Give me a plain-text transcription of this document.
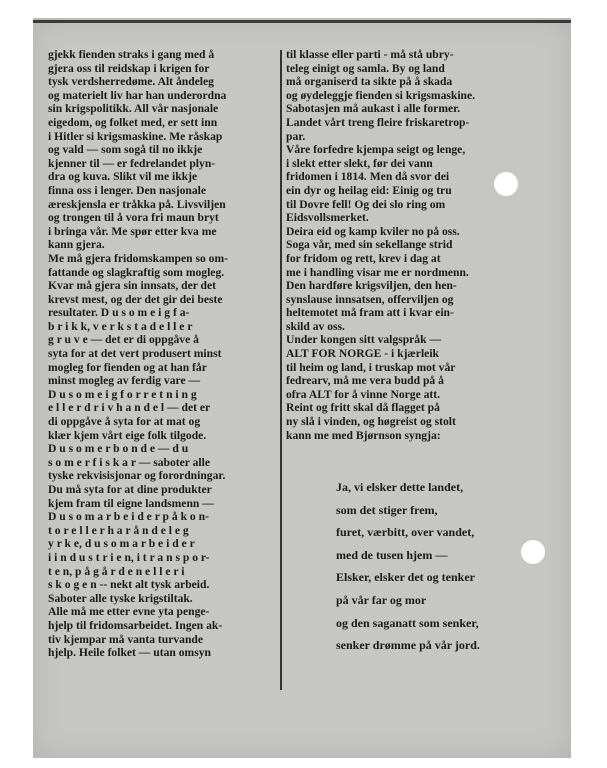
gjekk fienden straks i gang med å
gjera oss til reidskap i krigen for
tysk verdsherredøme. Alt åndeleg
og materielt liv har han underordna
sin krigspolitikk. All vår nasjonale
eigedom, og folket med, er sett inn
i Hitler si krigsmaskine. Me råskap
og vald — som sogå til no ikkje
kjenner til — er fedrelandet plyn-
dra og kuva. Slikt vil me ikkje
finna oss i lenger. Den nasjonale
æreskjensla er tråkka på. Livsviljen
og trongen til å vora fri maun bryt
i bringa vår. Me spør etter kva me
kann gjera.
Me må gjera fridomskampen so om-
fattande og slagkraftig som mogleg.
Kvar må gjera sin innsats, der det
krevst mest, og der det gir dei beste
resultater. D u s o m e i g f a-
b r i k k, v e r k s t a d e l l e r
g r u v e — det er di oppgåve å
syta for at det vert produsert minst
mogleg for fienden og at han får
minst mogleg av ferdig vare —
D u s o m e i g f o r r e t n i n g
e l l e r d r i v h a n d e l — det er
di oppgåve å syta for at mat og
klær kjem vårt eige folk tilgode.
D u s o m e r b o n d e — d u
s o m e r f i s k a r — saboter alle
tyske rekvisisjonar og forordningar.
Du må syta for at dine produkter
kjem fram til eigne landsmenn —
D u s o m a r b e i d e r p å k o n-
t o r e l l e r h a r å n d e l e g
y r k e, d u s o m a r b e i d e r
i i n d u s t r i e n, i t r a n s p o r-
t e n, p å g å r d e n e l l e r i
s k o g e n -- nekt alt tysk arbeid.
Saboter alle tyske krigstiltak.
Alle må me etter evne yta penge-
hjelp til fridomsarbeidet. Ingen ak-
tiv kjempar må vanta turvande
hjelp. Heile folket — utan omsyn
til klasse eller parti - må stå ubry-
teleg einigt og samla. By og land
må organiserd ta sikte på å skada
og øydeleggje fienden si krigsmaskine.
Sabotasjen må aukast i alle former.
Landet vårt treng fleire friskaretrop-
par.
Våre forfedre kjempa seigt og lenge,
i slekt etter slekt, før dei vann
fridomen i 1814. Men då svor dei
ein dyr og heilag eid: Einig og tru
til Dovre fell! Og dei slo ring om
Eidsvollsmerket.
Deira eid og kamp kviler no på oss.
Soga vår, med sin sekellange strid
for fridom og rett, krev i dag at
me i handling visar me er nordmenn.
Den hardføre krigsviljen, den hen-
synslause innsatsen, offerviljen og
heltemotet må fram att i kvar ein-
skild av oss.
Under kongen sitt valgspråk —
ALT FOR NORGE - i kjærleik
til heim og land, i truskap mot vår
fedrearv, må me vera budd på å
ofra ALT for å vinne Norge att.
Reint og fritt skal då flagget på
ny slå i vinden, og høgreist og stolt
kann me med Bjørnson syngja:
Ja, vi elsker dette landet,
som det stiger frem,
furet, værbitt, over vandet,
med de tusen hjem —
Elsker, elsker det og tenker
på vår far og mor
og den saganatt som senker,
senker drømme på vår jord.
